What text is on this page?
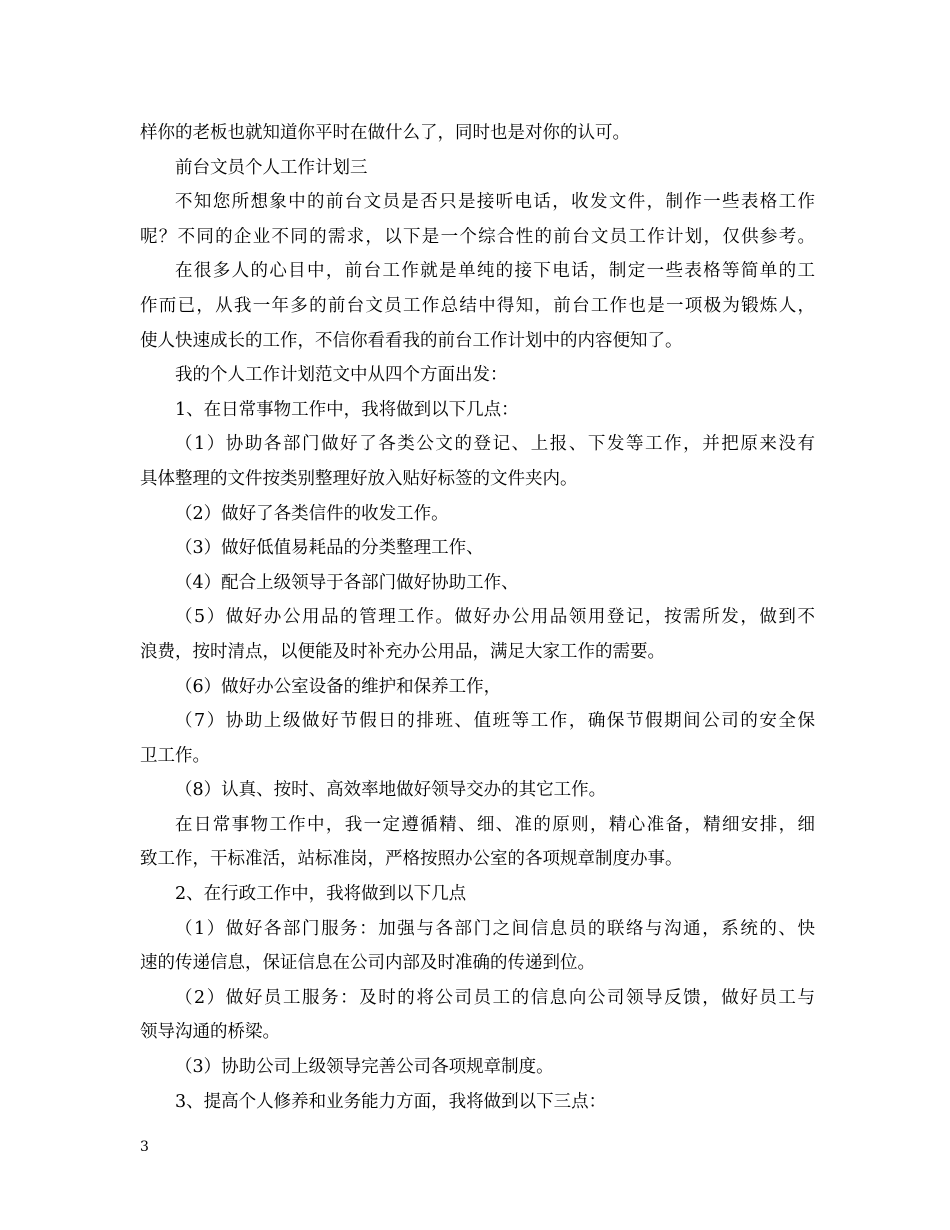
样你的老板也就知道你平时在做什么了，同时也是对你的认可。
前台文员个人工作计划三
不知您所想象中的前台文员是否只是接听电话，收发文件，制作一些表格工作
呢？不同的企业不同的需求，以下是一个综合性的前台文员工作计划，仅供参考。
在很多人的心目中，前台工作就是单纯的接下电话，制定一些表格等简单的工
作而已，从我一年多的前台文员工作总结中得知，前台工作也是一项极为锻炼人，
使人快速成长的工作，不信你看看我的前台工作计划中的内容便知了。
我的个人工作计划范文中从四个方面出发：
1、在日常事物工作中，我将做到以下几点：
（1）协助各部门做好了各类公文的登记、上报、下发等工作，并把原来没有
具体整理的文件按类别整理好放入贴好标签的文件夹内。
（2）做好了各类信件的收发工作。
（3）做好低值易耗品的分类整理工作、
（4）配合上级领导于各部门做好协助工作、
（5）做好办公用品的管理工作。做好办公用品领用登记，按需所发，做到不
浪费，按时清点，以便能及时补充办公用品，满足大家工作的需要。
（6）做好办公室设备的维护和保养工作，
（7）协助上级做好节假日的排班、值班等工作，确保节假期间公司的安全保
卫工作。
（8）认真、按时、高效率地做好领导交办的其它工作。
在日常事物工作中，我一定遵循精、细、准的原则，精心准备，精细安排，细
致工作，干标准活，站标准岗，严格按照办公室的各项规章制度办事。
2、在行政工作中，我将做到以下几点
（1）做好各部门服务：加强与各部门之间信息员的联络与沟通，系统的、快
速的传递信息，保证信息在公司内部及时准确的传递到位。
（2）做好员工服务：及时的将公司员工的信息向公司领导反馈，做好员工与
领导沟通的桥梁。
（3）协助公司上级领导完善公司各项规章制度。
3、提高个人修养和业务能力方面，我将做到以下三点：
3
